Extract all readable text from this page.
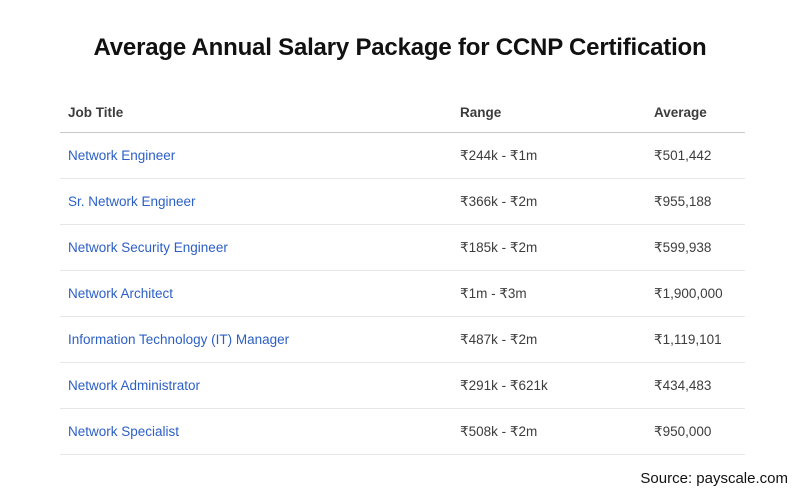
Average Annual Salary Package for CCNP Certification
Job Title	Range	Average
Network Engineer	₹244k - ₹1m	₹501,442
Sr. Network Engineer	₹366k - ₹2m	₹955,188
Network Security Engineer	₹185k - ₹2m	₹599,938
Network Architect	₹1m - ₹3m	₹1,900,000
Information Technology (IT) Manager	₹487k - ₹2m	₹1,119,101
Network Administrator	₹291k - ₹621k	₹434,483
Network Specialist	₹508k - ₹2m	₹950,000
Source: payscale.com
